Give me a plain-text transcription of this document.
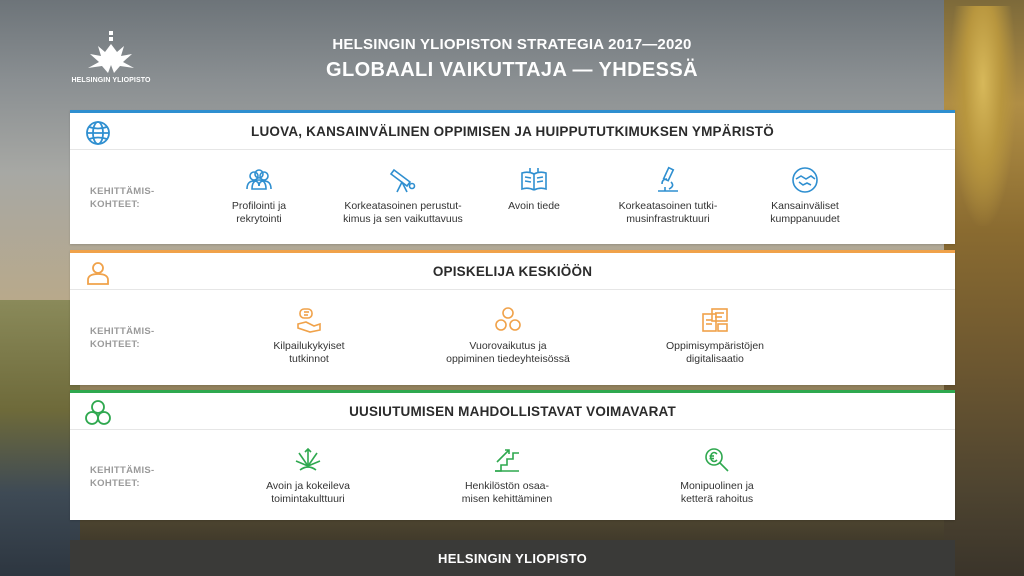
HELSINGIN YLIOPISTO
HELSINGIN YLIOPISTON STRATEGIA 2017—2020
GLOBAALI VAIKUTTAJA — YHDESSÄ
LUOVA, KANSAINVÄLINEN OPPIMISEN JA HUIPPUTUTKIMUKSEN YMPÄRISTÖ
KEHITTÄMIS-
KOHTEET:	Profilointi ja
rekrytointi
Korkeatasoinen perustut-
kimus ja sen vaikuttavuus
Avoin tiede	Korkeatasoinen tutki-
musinfrastruktuuri
Kansainväliset
kumppanuudet
OPISKELIJA KESKIÖÖN
KEHITTÄMIS-
KOHTEET:	Kilpailukykyiset
tutkinnot
Vuorovaikutus ja
oppiminen tiedeyhteisössä
Oppimisympäristöjen
digitalisaatio
UUSIUTUMISEN MAHDOLLISTAVAT VOIMAVARAT
KEHITTÄMIS-
KOHTEET:	Avoin ja kokeileva
toimintakulttuuri
Henkilöstön osaa-
misen kehittäminen
Monipuolinen ja
ketterä rahoitus
HELSINGIN YLIOPISTO
